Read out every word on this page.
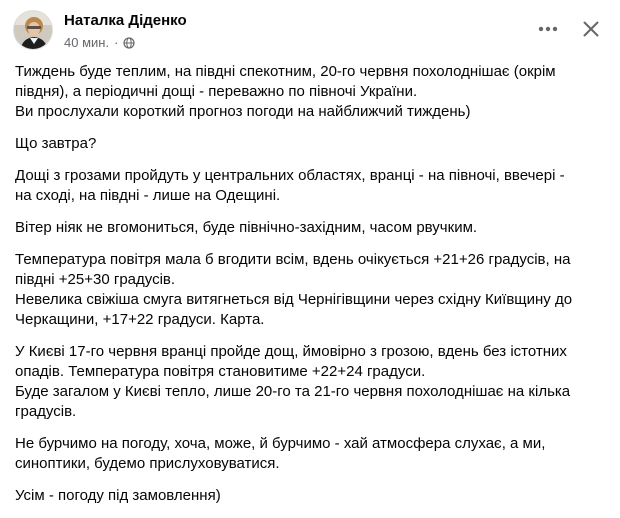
Наталка Діденко
40 мин. ·

Тиждень буде теплим, на півдні спекотним, 20-го червня похолоднішає (окрім
півдня), а періодичні дощі - переважно по півночі України.
Ви прослухали короткий прогноз погоди на найближчий тиждень)

Що завтра?

Дощі з грозами пройдуть у центральних областях, вранці - на півночі, ввечері -
на сході, на півдні - лише на Одещині.

Вітер ніяк не вгомониться, буде північно-західним, часом рвучким.

Температура повітря мала б вгодити всім, вдень очікується +21+26 градусів, на
півдні +25+30 градусів.
Невелика свіжіша смуга витягнеться від Чернігівщини через східну Київщину до
Черкащини, +17+22 градуси. Карта.

У Києві 17-го червня вранці пройде дощ, ймовірно з грозою, вдень без істотних
опадів. Температура повітря становитиме +22+24 градуси.
Буде загалом у Києві тепло, лише 20-го та 21-го червня похолоднішає на кілька
градусів.

Не бурчимо на погоду, хоча, може, й бурчимо - хай атмосфера слухає, а ми,
синоптики, будемо прислуховуватися.

Усім - погоду під замовлення)
